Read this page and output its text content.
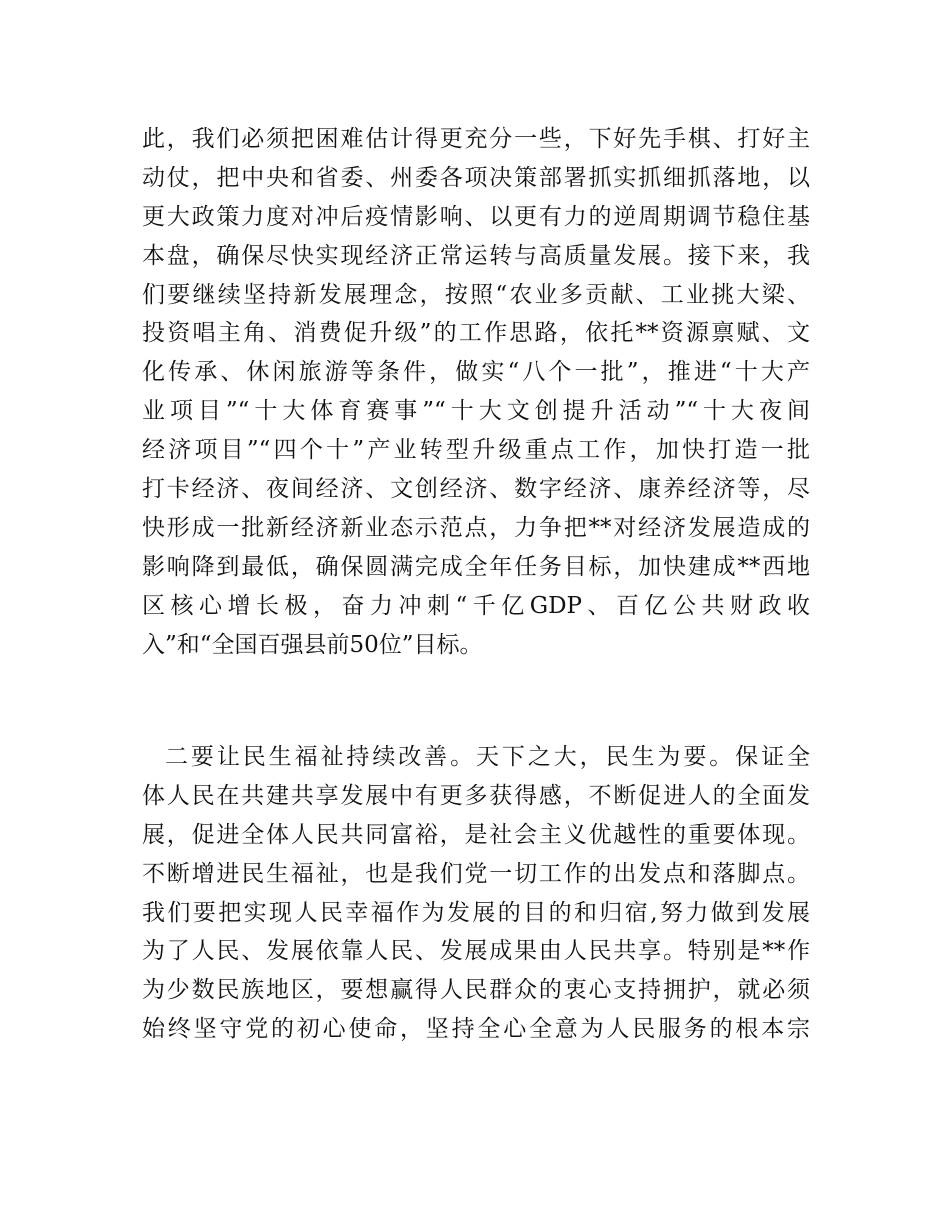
此，我们必须把困难估计得更充分一些，下好先手棋、打好主
动仗，把中央和省委、州委各项决策部署抓实抓细抓落地，以
更大政策力度对冲后疫情影响、以更有力的逆周期调节稳住基
本盘，确保尽快实现经济正常运转与高质量发展。接下来，我
们要继续坚持新发展理念，按照“农业多贡献、工业挑大梁、
投资唱主角、消费促升级”的工作思路，依托**资源禀赋、文
化传承、休闲旅游等条件，做实“八个一批”，推进“十大产
业项目”“十大体育赛事”“十大文创提升活动”“十大夜间
经济项目”“四个十”产业转型升级重点工作，加快打造一批
打卡经济、夜间经济、文创经济、数字经济、康养经济等，尽
快形成一批新经济新业态示范点，力争把**对经济发展造成的
影响降到最低，确保圆满完成全年任务目标，加快建成**西地
区核心增长极，奋力冲刺“千亿GDP、百亿公共财政收
入”和“全国百强县前50位”目标。
二要让民生福祉持续改善。天下之大，民生为要。保证全
体人民在共建共享发展中有更多获得感，不断促进人的全面发
展，促进全体人民共同富裕，是社会主义优越性的重要体现。
不断增进民生福祉，也是我们党一切工作的出发点和落脚点。
我们要把实现人民幸福作为发展的目的和归宿,努力做到发展
为了人民、发展依靠人民、发展成果由人民共享。特别是**作
为少数民族地区，要想赢得人民群众的衷心支持拥护，就必须
始终坚守党的初心使命，坚持全心全意为人民服务的根本宗
